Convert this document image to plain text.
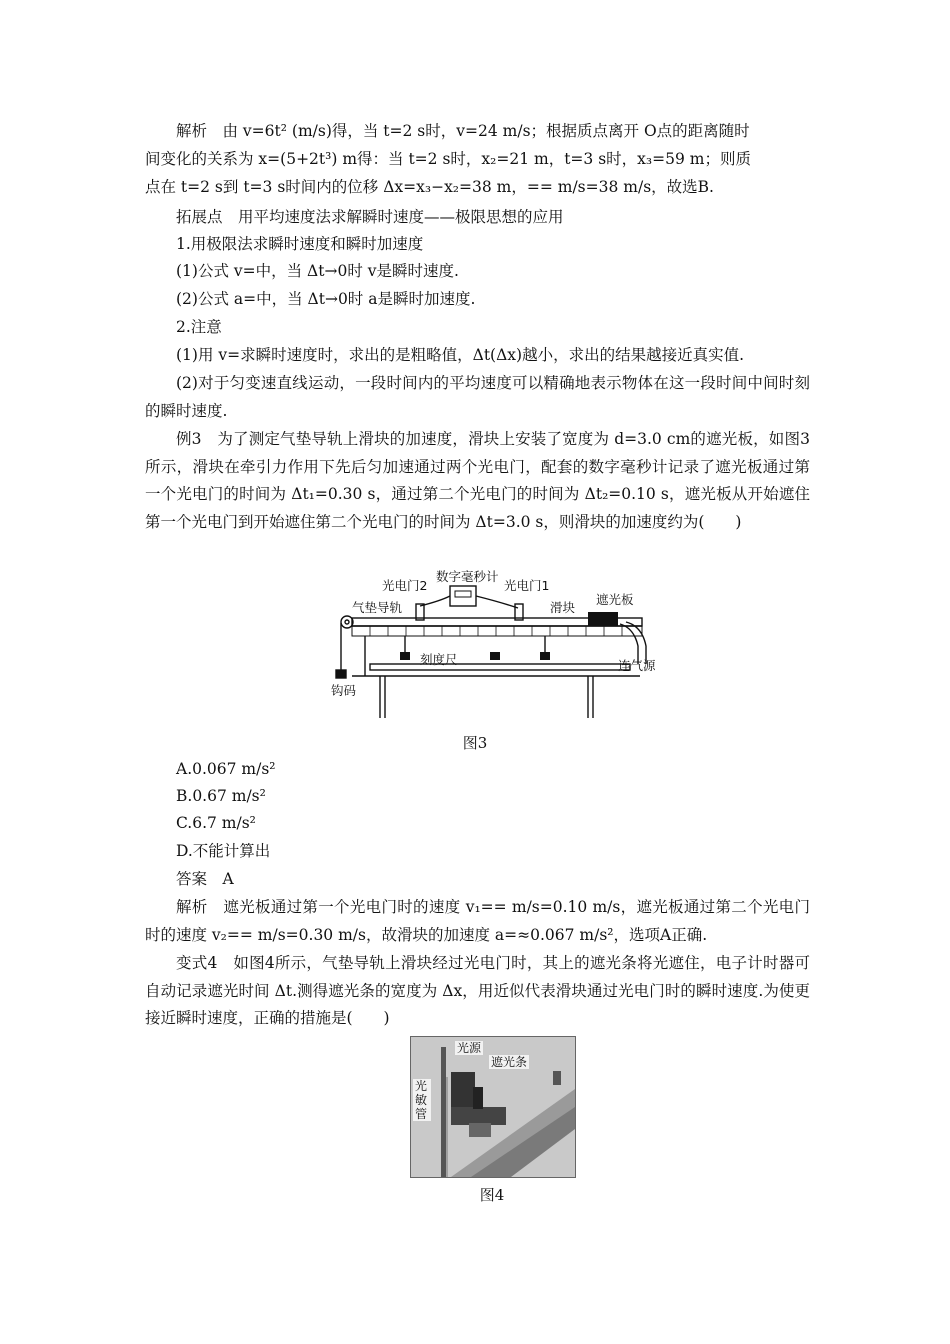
解析　由 v=6t² (m/s)得，当 t=2 s时，v=24 m/s；根据质点离开 O点的距离随时
间变化的关系为 x=(5+2t³) m得：当 t=2 s时，x₂=21 m，t=3 s时，x₃=59 m；则质
点在 t=2 s到 t=3 s时间内的位移 Δx=x₃−x₂=38 m，== m/s=38 m/s，故选B.
拓展点　用平均速度法求解瞬时速度——极限思想的应用
1.用极限法求瞬时速度和瞬时加速度
(1)公式 v=中，当 Δt→0时 v是瞬时速度.
(2)公式 a=中，当 Δt→0时 a是瞬时加速度.
2.注意
(1)用 v=求瞬时速度时，求出的是粗略值，Δt(Δx)越小，求出的结果越接近真实值.
(2)对于匀变速直线运动，一段时间内的平均速度可以精确地表示物体在这一段时间中间时刻的瞬时速度.
例3　为了测定气垫导轨上滑块的加速度，滑块上安装了宽度为 d=3.0 cm的遮光板，如图3所示，滑块在牵引力作用下先后匀加速通过两个光电门，配套的数字毫秒计记录了遮光板通过第一个光电门的时间为 Δt₁=0.30 s，通过第二个光电门的时间为 Δt₂=0.10 s，遮光板从开始遮住第一个光电门到开始遮住第二个光电门的时间为 Δt=3.0 s，则滑块的加速度约为(　　)
光电门2
数字毫秒计
光电门1
气垫导轨	滑块
遮光板
刻度尺	连气源
钩码
图3
A.0.067 m/s²
B.0.67 m/s²
C.6.7 m/s²
D.不能计算出
答案　A
解析　遮光板通过第一个光电门时的速度 v₁== m/s=0.10 m/s，遮光板通过第二个光电门时的速度 v₂== m/s=0.30 m/s，故滑块的加速度 a=≈0.067 m/s²，选项A正确.
变式4　如图4所示，气垫导轨上滑块经过光电门时，其上的遮光条将光遮住，电子计时器可自动记录遮光时间 Δt.测得遮光条的宽度为 Δx，用近似代表滑块通过光电门时的瞬时速度.为使更接近瞬时速度，正确的措施是(　　)
光源
遮光条
光敏管
图4
